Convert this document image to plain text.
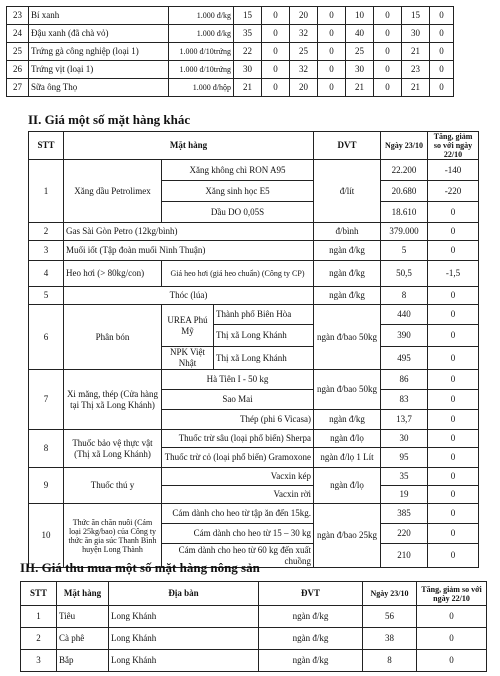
23	Bí xanh	1.000 đ/kg	15	0	20	0	10	0	15	0
24	Đậu xanh (đã chà vỏ)	1.000 đ/kg	35	0	32	0	40	0	30	0
25	Trứng gà công nghiệp (loại 1)	1.000 đ/10trứng	22	0	25	0	25	0	21	0
26	Trứng vịt (loại 1)	1.000 đ/10trứng	30	0	32	0	30	0	23	0
27	Sữa ông Thọ	1.000 đ/hộp	21	0	20	0	21	0	21	0
II. Giá một số mặt hàng khác
STT	Mặt hàng			DVT	Ngày 23/10	Tăng, giảm so với ngày 22/10
1	Xăng dầu Petrolimex	Xăng không chì RON A95		đ/lít	22.200	-140
		Xăng sinh học E5			20.680	-220
		Dầu DO 0,05S			18.610	0
2	Gas Sài Gòn Petro (12kg/bình)			đ/bình	379.000	0
3	Muối iốt (Tập đoàn muối Ninh Thuận)			ngàn đ/kg	5	0
4	Heo hơi (> 80kg/con)	Giá heo hơi (giá heo chuẩn) (Công ty CP)		ngàn đ/kg	50,5	-1,5
5	Thóc (lúa)			ngàn đ/kg	8	0
6	Phân bón	UREA Phú Mỹ	Thành phố Biên Hòa	ngàn đ/bao 50kg	440	0
			Thị xã Long Khánh		390	0
		NPK Việt Nhật	Thị xã Long Khánh		495	0
7	Xi măng, thép (Cửa hàng tại Thị xã Long Khánh)	Hà Tiên I - 50 kg		ngàn đ/bao 50kg	86	0
		Sao Mai			83	0
		Thép (phi 6 Vicasa)		ngàn đ/kg	13,7	0
8	Thuốc bảo vệ thực vật (Thị xã Long Khánh)	Thuốc trừ sâu (loại phổ biến) Sherpa		ngàn đ/lọ	30	0
		Thuốc trừ cỏ (loại phổ biến) Gramoxone		ngàn đ/lọ 1 Lít	95	0
9	Thuốc thú y	Vacxin kép		ngàn đ/lọ	35	0
		Vacxin rời			19	0
10	Thức ăn chăn nuôi (Cám loại 25kg/bao) của Công ty thức ăn gia súc Thanh Bình huyện Long Thành	Cám dành cho heo từ tập ăn đến 15kg.		ngàn đ/bao 25kg	385	0
		Cám dành cho heo từ 15 – 30 kg			220	0
		Cám dành cho heo từ 60 kg đến xuất chuồng			210	0
III. Giá thu mua một số mặt hàng nông sản
STT	Mặt hàng	Địa bàn	ĐVT	Ngày 23/10	Tăng, giảm so với ngày 22/10
1	Tiêu	Long Khánh	ngàn đ/kg	56	0
2	Cà phê	Long Khánh	ngàn đ/kg	38	0
3	Bắp	Long Khánh	ngàn đ/kg	8	0
